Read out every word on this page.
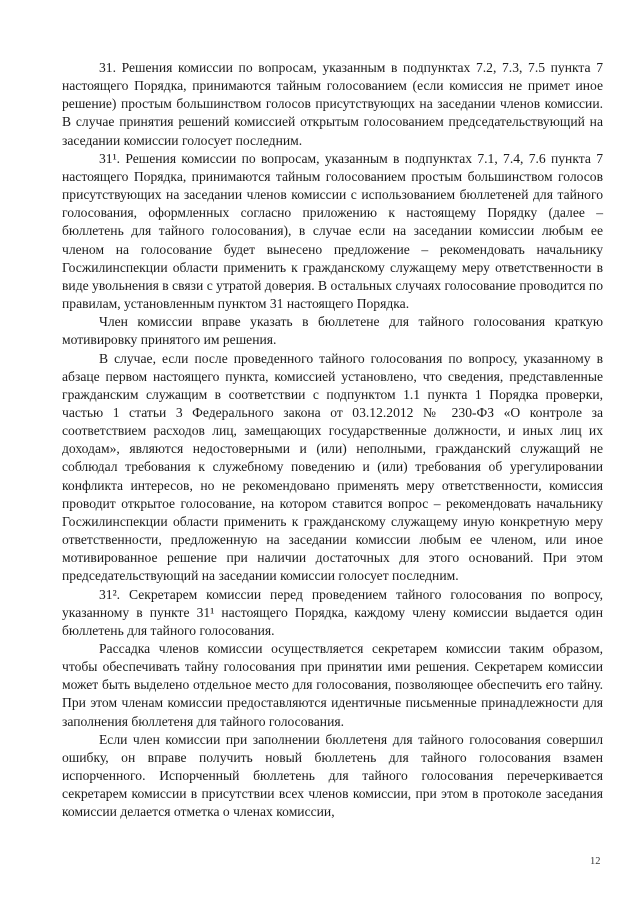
31. Решения комиссии по вопросам, указанным в подпунктах 7.2, 7.3, 7.5 пункта 7 настоящего Порядка, принимаются тайным голосованием (если комиссия не примет иное решение) простым большинством голосов присутствующих на заседании членов комиссии. В случае принятия решений комиссией открытым голосованием председательствующий на заседании комиссии голосует последним.

31¹. Решения комиссии по вопросам, указанным в подпунктах 7.1, 7.4, 7.6 пункта 7 настоящего Порядка, принимаются тайным голосованием простым большинством голосов присутствующих на заседании членов комиссии с использованием бюллетеней для тайного голосования, оформленных согласно приложению к настоящему Порядку (далее – бюллетень для тайного голосования), в случае если на заседании комиссии любым ее членом на голосование будет вынесено предложение – рекомендовать начальнику Госжилинспекции области применить к гражданскому служащему меру ответственности в виде увольнения в связи с утратой доверия. В остальных случаях голосование проводится по правилам, установленным пунктом 31 настоящего Порядка.

Член комиссии вправе указать в бюллетене для тайного голосования краткую мотивировку принятого им решения.

В случае, если после проведенного тайного голосования по вопросу, указанному в абзаце первом настоящего пункта, комиссией установлено, что сведения, представленные гражданским служащим в соответствии с подпунктом 1.1 пункта 1 Порядка проверки, частью 1 статьи 3 Федерального закона от 03.12.2012 № 230-ФЗ «О контроле за соответствием расходов лиц, замещающих государственные должности, и иных лиц их доходам», являются недостоверными и (или) неполными, гражданский служащий не соблюдал требования к служебному поведению и (или) требования об урегулировании конфликта интересов, но не рекомендовано применять меру ответственности, комиссия проводит открытое голосование, на котором ставится вопрос – рекомендовать начальнику Госжилинспекции области применить к гражданскому служащему иную конкретную меру ответственности, предложенную на заседании комиссии любым ее членом, или иное мотивированное решение при наличии достаточных для этого оснований. При этом председательствующий на заседании комиссии голосует последним.

31². Секретарем комиссии перед проведением тайного голосования по вопросу, указанному в пункте 31¹ настоящего Порядка, каждому члену комиссии выдается один бюллетень для тайного голосования.

Рассадка членов комиссии осуществляется секретарем комиссии таким образом, чтобы обеспечивать тайну голосования при принятии ими решения. Секретарем комиссии может быть выделено отдельное место для голосования, позволяющее обеспечить его тайну. При этом членам комиссии предоставляются идентичные письменные принадлежности для заполнения бюллетеня для тайного голосования.

Если член комиссии при заполнении бюллетеня для тайного голосования совершил ошибку, он вправе получить новый бюллетень для тайного голосования взамен испорченного. Испорченный бюллетень для тайного голосования перечеркивается секретарем комиссии в присутствии всех членов комиссии, при этом в протоколе заседания комиссии делается отметка о членах комиссии,

12
